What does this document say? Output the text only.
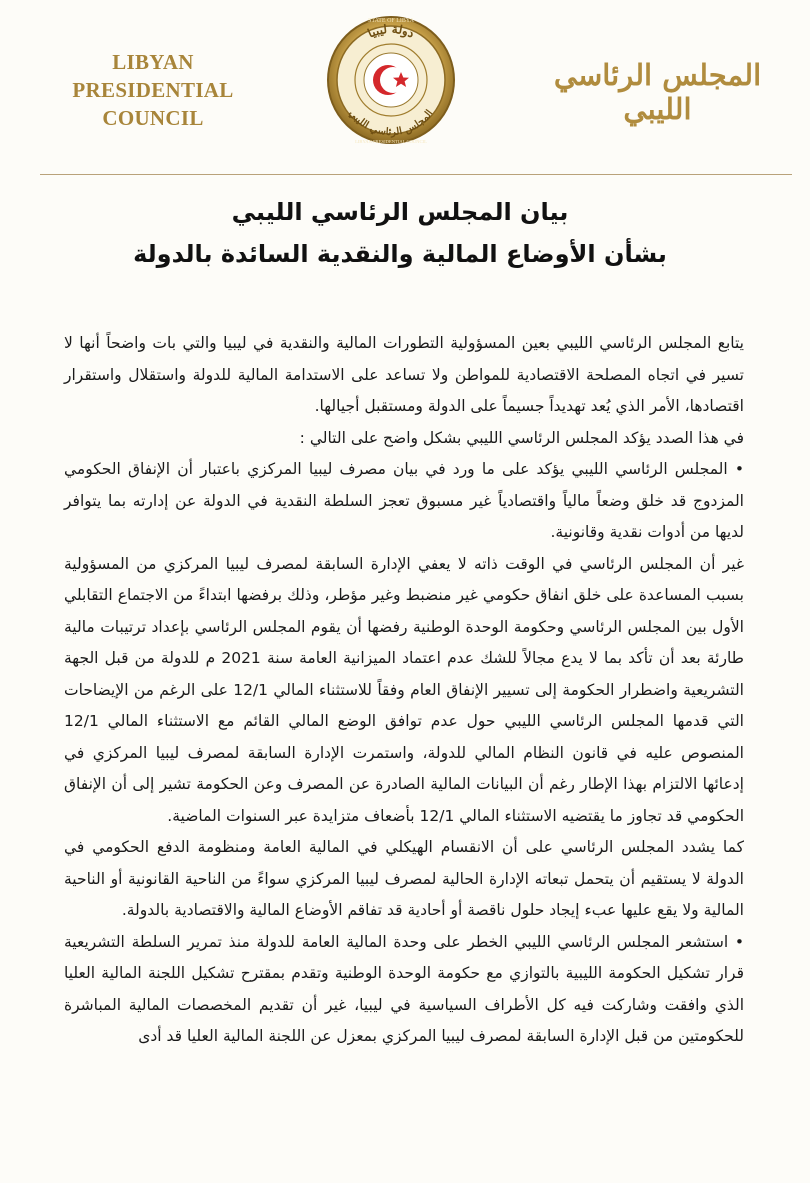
LIBYAN PRESIDENTIAL
COUNCIL
دولة ليبيا
المجلس الرئاسي الليبي
STATE OF LIBYA
LIBYAN PRESIDENTIAL COUNCIL
المجلس الرئاسي الليبي
بيان المجلس الرئاسي الليبي
بشأن الأوضاع المالية والنقدية السائدة بالدولة

يتابع المجلس الرئاسي الليبي بعين المسؤولية التطورات المالية والنقدية في ليبيا والتي بات واضحاً أنها لا تسير في اتجاه المصلحة الاقتصادية للمواطن ولا تساعد على الاستدامة المالية للدولة واستقلال واستقرار اقتصادها، الأمر الذي يُعد تهديداً جسيماً على الدولة ومستقبل أجيالها.

في هذا الصدد يؤكد المجلس الرئاسي الليبي بشكل واضح على التالي :

• المجلس الرئاسي الليبي يؤكد على ما ورد في بيان مصرف ليبيا المركزي باعتبار أن الإنفاق الحكومي المزدوج قد خلق وضعاً مالياً واقتصادياً غير مسبوق تعجز السلطة النقدية في الدولة عن إدارته بما يتوافر لديها من أدوات نقدية وقانونية.

غير أن المجلس الرئاسي في الوقت ذاته لا يعفي الإدارة السابقة لمصرف ليبيا المركزي من المسؤولية بسبب المساعدة على خلق انفاق حكومي غير منضبط وغير مؤطر، وذلك برفضها ابتداءً من الاجتماع التقابلي الأول بين المجلس الرئاسي وحكومة الوحدة الوطنية رفضها أن يقوم المجلس الرئاسي بإعداد ترتيبات مالية طارئة بعد أن تأكد بما لا يدع مجالاً للشك عدم اعتماد الميزانية العامة سنة 2021 م للدولة من قبل الجهة التشريعية واضطرار الحكومة إلى تسيير الإنفاق العام وفقاً للاستثناء المالي 12/1 على الرغم من الإيضاحات التي قدمها المجلس الرئاسي الليبي حول عدم توافق الوضع المالي القائم مع الاستثناء المالي 12/1 المنصوص عليه في قانون النظام المالي للدولة، واستمرت الإدارة السابقة لمصرف ليبيا المركزي في إدعائها الالتزام بهذا الإطار رغم أن البيانات المالية الصادرة عن المصرف وعن الحكومة تشير إلى أن الإنفاق الحكومي قد تجاوز ما يقتضيه الاستثناء المالي 12/1 بأضعاف متزايدة عبر السنوات الماضية.

كما يشدد المجلس الرئاسي على أن الانقسام الهيكلي في المالية العامة ومنظومة الدفع الحكومي في الدولة لا يستقيم أن يتحمل تبعاته الإدارة الحالية لمصرف ليبيا المركزي سواءً من الناحية القانونية أو الناحية المالية ولا يقع عليها عبء إيجاد حلول ناقصة أو أحادية قد تفاقم الأوضاع المالية والاقتصادية بالدولة.

• استشعر المجلس الرئاسي الليبي الخطر على وحدة المالية العامة للدولة منذ تمرير السلطة التشريعية قرار تشكيل الحكومة الليبية بالتوازي مع حكومة الوحدة الوطنية وتقدم بمقترح تشكيل اللجنة المالية العليا الذي وافقت وشاركت فيه كل الأطراف السياسية في ليبيا، غير أن تقديم المخصصات المالية المباشرة للحكومتين من قبل الإدارة السابقة لمصرف ليبيا المركزي بمعزل عن اللجنة المالية العليا قد أدى
